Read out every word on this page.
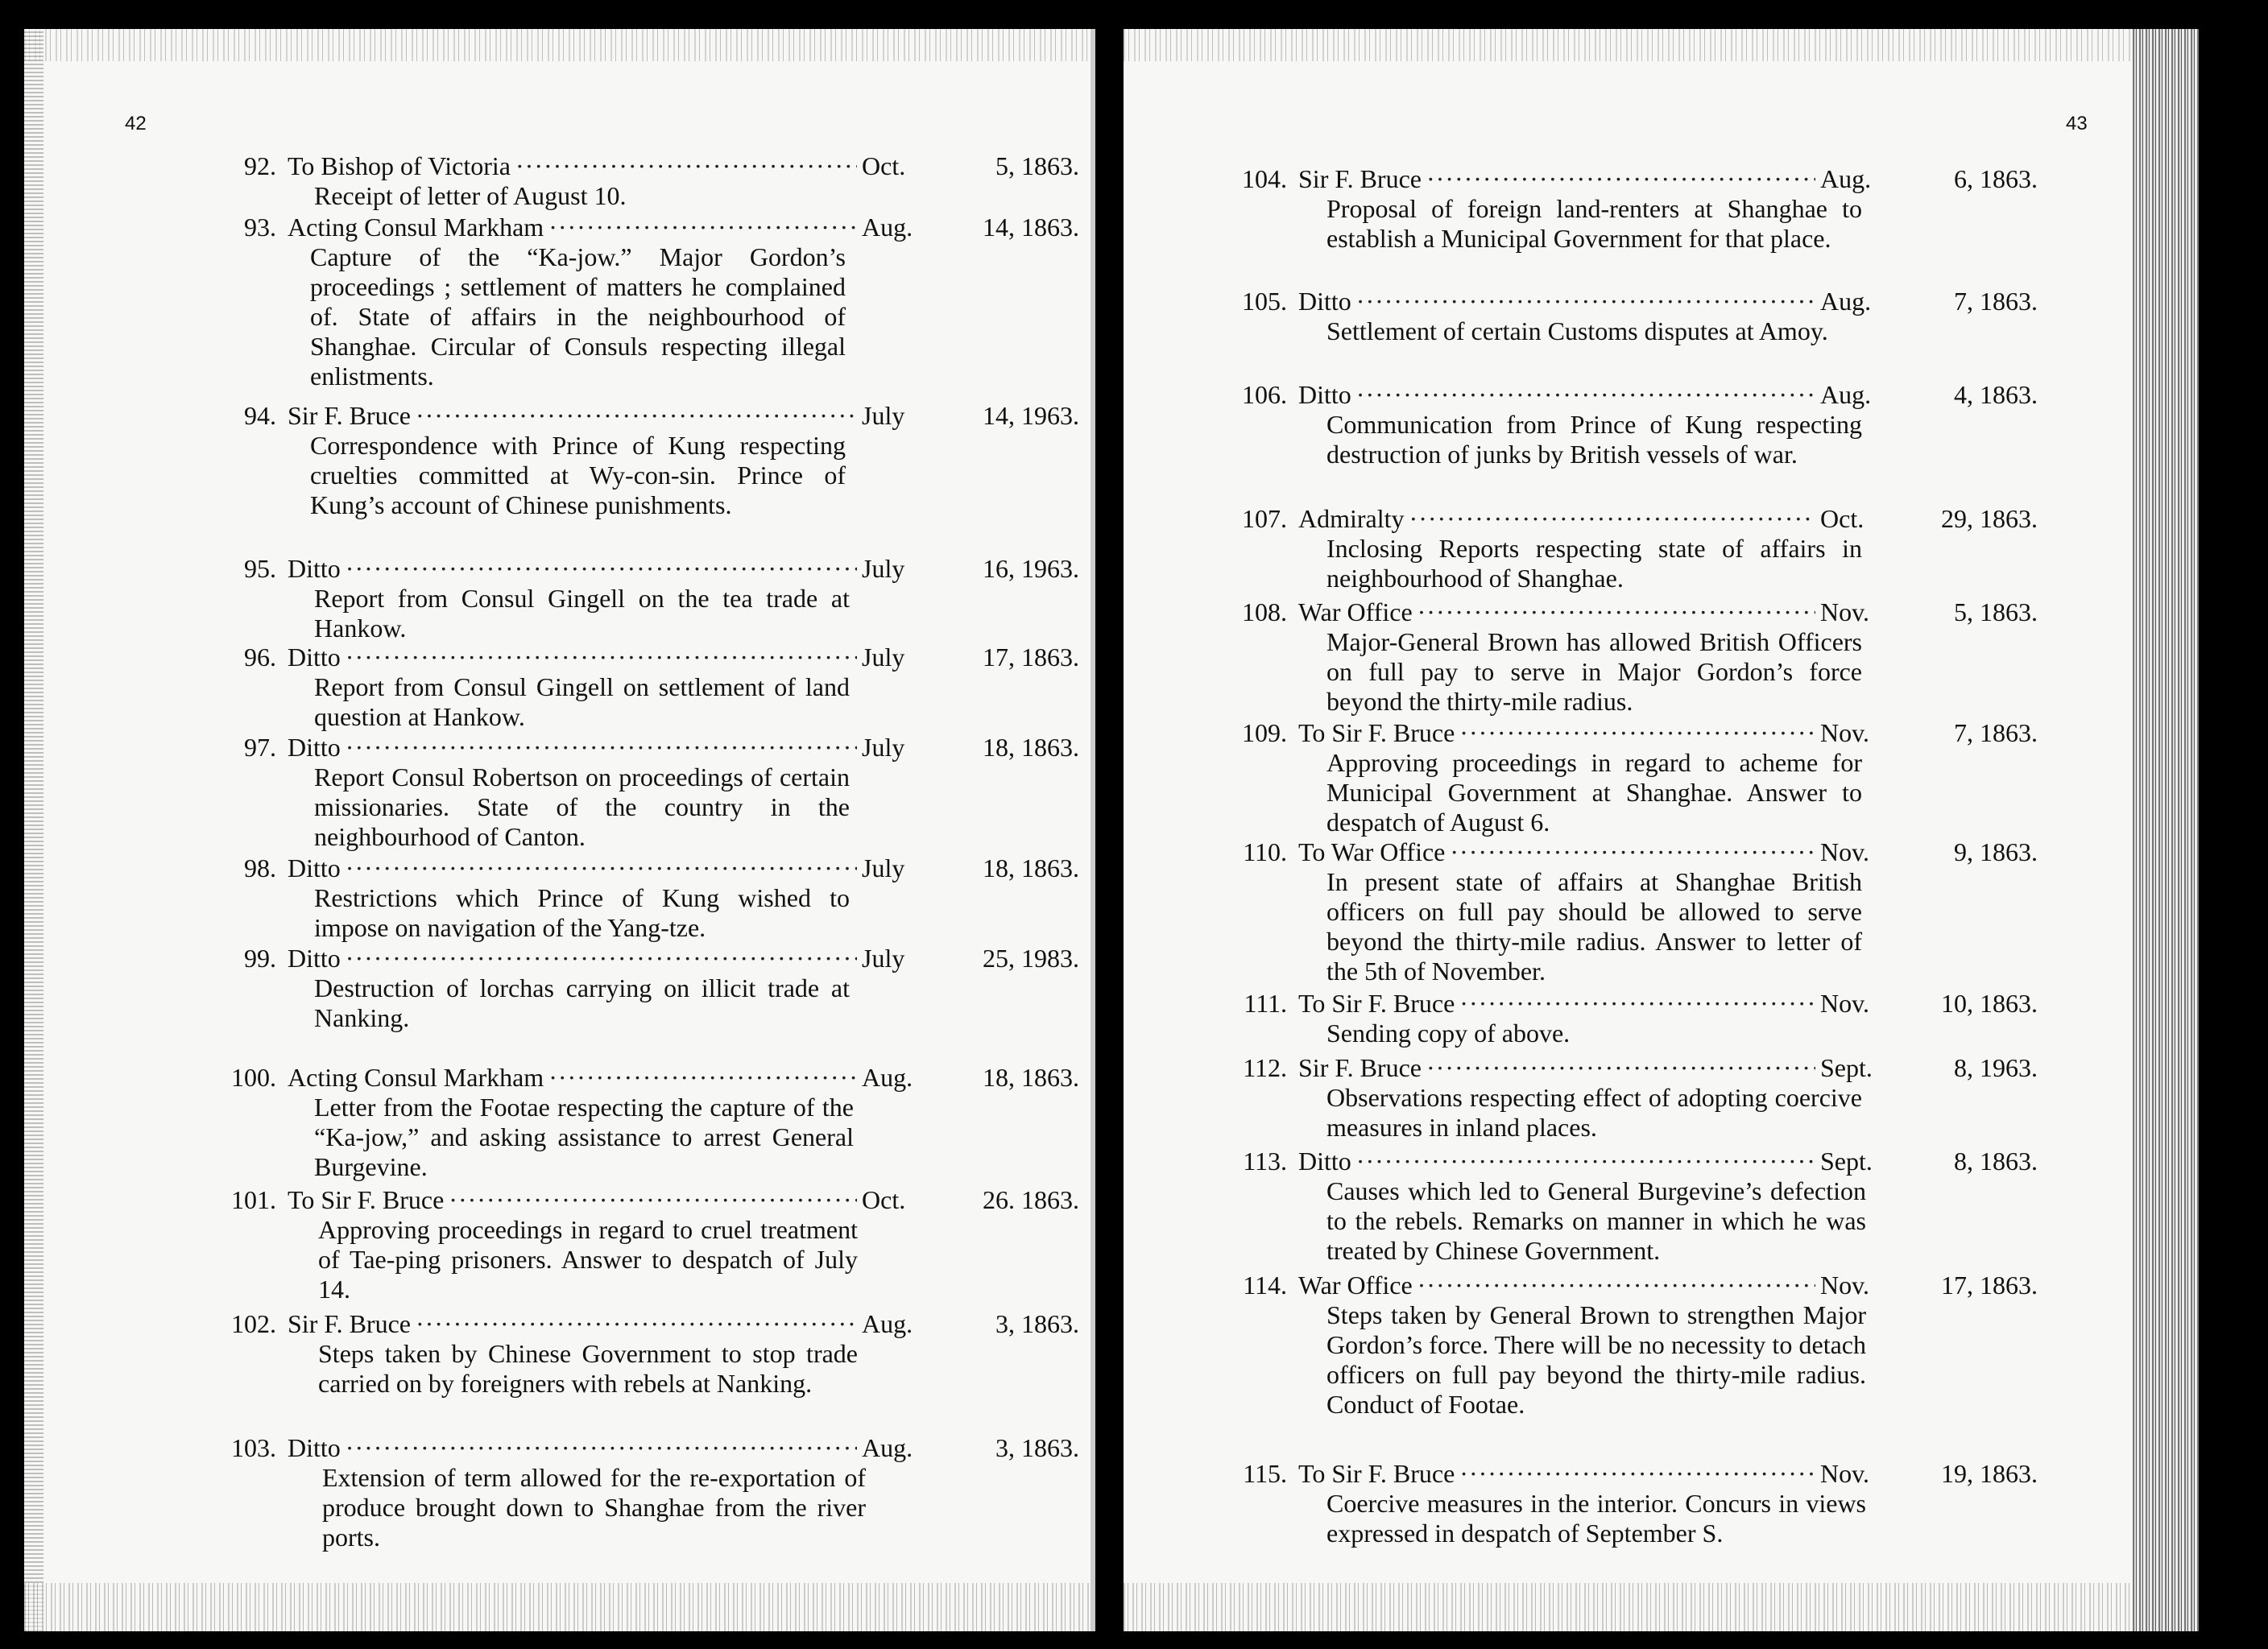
42
92. To Bishop of Victoria ·····	Oct.	5, 1863.
Receipt of letter of August 10.
93. Acting Consul Markham ·····	Aug.	14, 1863.
Capture of the “Ka-jow.” Major Gordon’s proceedings ; settlement of matters he complained of. State of affairs in the neighbourhood of Shanghae. Circular of Consuls respecting illegal enlistments.
94. Sir F. Bruce ·····	July	14, 1963.
Correspondence with Prince of Kung respecting cruelties committed at Wy-con-sin. Prince of Kung’s account of Chinese punishments.
95. Ditto ·····	July	16, 1963.
Report from Consul Gingell on the tea trade at Hankow.
96. Ditto ·····	July	17, 1863.
Report from Consul Gingell on settlement of land question at Hankow.
97. Ditto ·····	July	18, 1863.
Report Consul Robertson on proceedings of certain missionaries. State of the country in the neighbourhood of Canton.
98. Ditto ·····	July	18, 1863.
Restrictions which Prince of Kung wished to impose on navigation of the Yang-tze.
99. Ditto ·····	July	25, 1983.
Destruction of lorchas carrying on illicit trade at Nanking.
100. Acting Consul Markham ·····	Aug.	18, 1863.
Letter from the Footae respecting the capture of the “Ka-jow,” and asking assistance to arrest General Burgevine.
101. To Sir F. Bruce ·····	Oct.	26. 1863.
Approving proceedings in regard to cruel treatment of Tae-ping prisoners. Answer to despatch of July 14.
102. Sir F. Bruce ·····	Aug.	3, 1863.
Steps taken by Chinese Government to stop trade carried on by foreigners with rebels at Nanking.
103. Ditto ·····	Aug.	3, 1863.
Extension of term allowed for the re-exportation of produce brought down to Shanghae from the river ports.
43
104. Sir F. Bruce ·····	Aug.	6, 1863.
Proposal of foreign land-renters at Shanghae to establish a Municipal Government for that place.
105. Ditto ·····	Aug.	7, 1863.
Settlement of certain Customs disputes at Amoy.
106. Ditto ·····	Aug.	4, 1863.
Communication from Prince of Kung respecting destruction of junks by British vessels of war.
107. Admiralty ·····	Oct.	29, 1863.
Inclosing Reports respecting state of affairs in neighbourhood of Shanghae.
108. War Office ·····	Nov.	5, 1863.
Major-General Brown has allowed British Officers on full pay to serve in Major Gordon’s force beyond the thirty-mile radius.
109. To Sir F. Bruce ·····	Nov.	7, 1863.
Approving proceedings in regard to acheme for Municipal Government at Shanghae. Answer to despatch of August 6.
110. To War Office ·····	Nov.	9, 1863.
In present state of affairs at Shanghae British officers on full pay should be allowed to serve beyond the thirty-mile radius. Answer to letter of the 5th of November.
111. To Sir F. Bruce ·····	Nov.	10, 1863.
Sending copy of above.
112. Sir F. Bruce ·····	Sept.	8, 1963.
Observations respecting effect of adopting coercive measures in inland places.
113. Ditto ·····	Sept.	8, 1863.
Causes which led to General Burgevine’s defection to the rebels. Remarks on manner in which he was treated by Chinese Government.
114. War Office ·····	Nov.	17, 1863.
Steps taken by General Brown to strengthen Major Gordon’s force. There will be no necessity to detach officers on full pay beyond the thirty-mile radius. Conduct of Footae.
115. To Sir F. Bruce ·····	Nov.	19, 1863.
Coercive measures in the interior. Concurs in views expressed in despatch of September S.
